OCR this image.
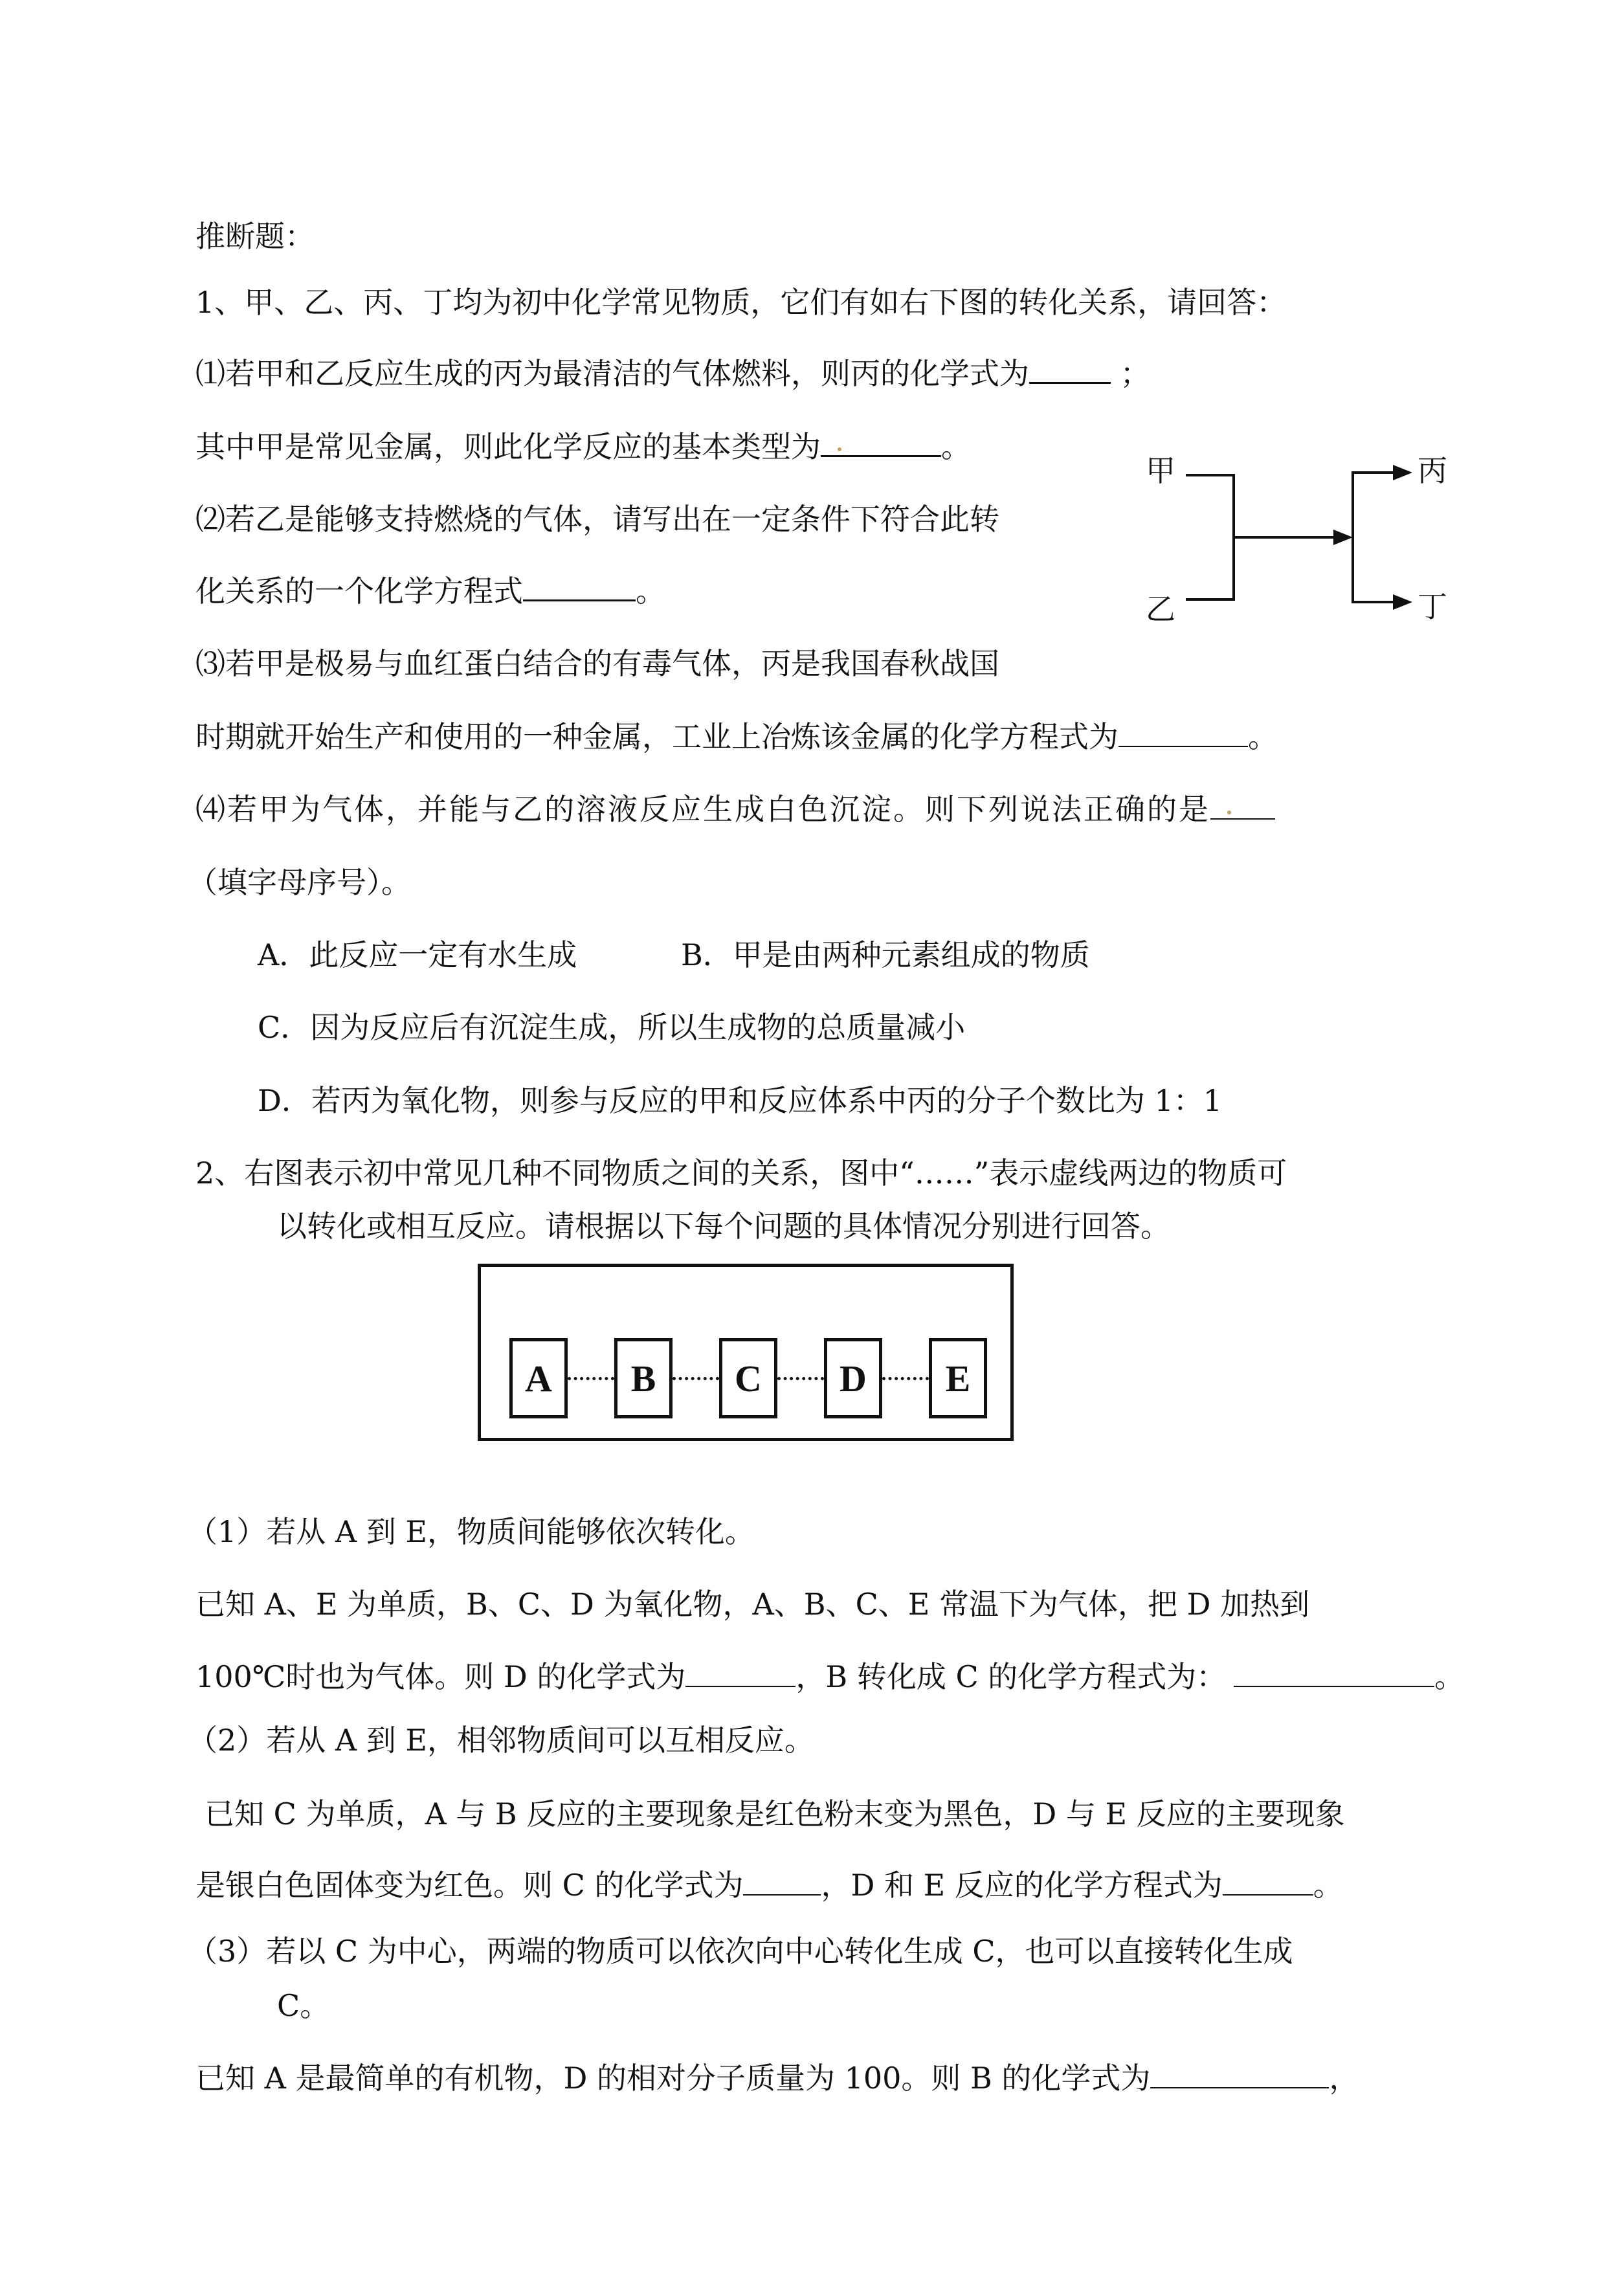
推断题：
1、甲、乙、丙、丁均为初中化学常见物质，它们有如右下图的转化关系，请回答：
⑴若甲和乙反应生成的丙为最清洁的气体燃料，则丙的化学式为	；
其中甲是常见金属，则此化学反应的基本类型为	。
⑵若乙是能够支持燃烧的气体，请写出在一定条件下符合此转
化关系的一个化学方程式	。
⑶若甲是极易与血红蛋白结合的有毒气体，丙是我国春秋战国
时期就开始生产和使用的一种金属，工业上冶炼该金属的化学方程式为	。
⑷若甲为气体，并能与乙的溶液反应生成白色沉淀。则下列说法正确的是
（填字母序号）。
A．此反应一定有水生成	B．甲是由两种元素组成的物质
C．因为反应后有沉淀生成，所以生成物的总质量减小
D．若丙为氧化物，则参与反应的甲和反应体系中丙的分子个数比为 1：1
甲
乙
丙
丁
2、右图表示初中常见几种不同物质之间的关系，图中“……”表示虚线两边的物质可
以转化或相互反应。请根据以下每个问题的具体情况分别进行回答。
A	B	C	D	E
（1）若从 A 到 E，物质间能够依次转化。
已知 A、E 为单质，B、C、D 为氧化物，A、B、C、E 常温下为气体，把 D 加热到
100℃时也为气体。则 D 的化学式为	，B 转化成 C 的化学方程式为：	。
（2）若从 A 到 E，相邻物质间可以互相反应。
已知 C 为单质，A 与 B 反应的主要现象是红色粉末变为黑色，D 与 E 反应的主要现象
是银白色固体变为红色。则 C 的化学式为	，D 和 E 反应的化学方程式为	。
（3）若以 C 为中心，两端的物质可以依次向中心转化生成 C，也可以直接转化生成
C。
已知 A 是最简单的有机物，D 的相对分子质量为 100。则 B 的化学式为	，
